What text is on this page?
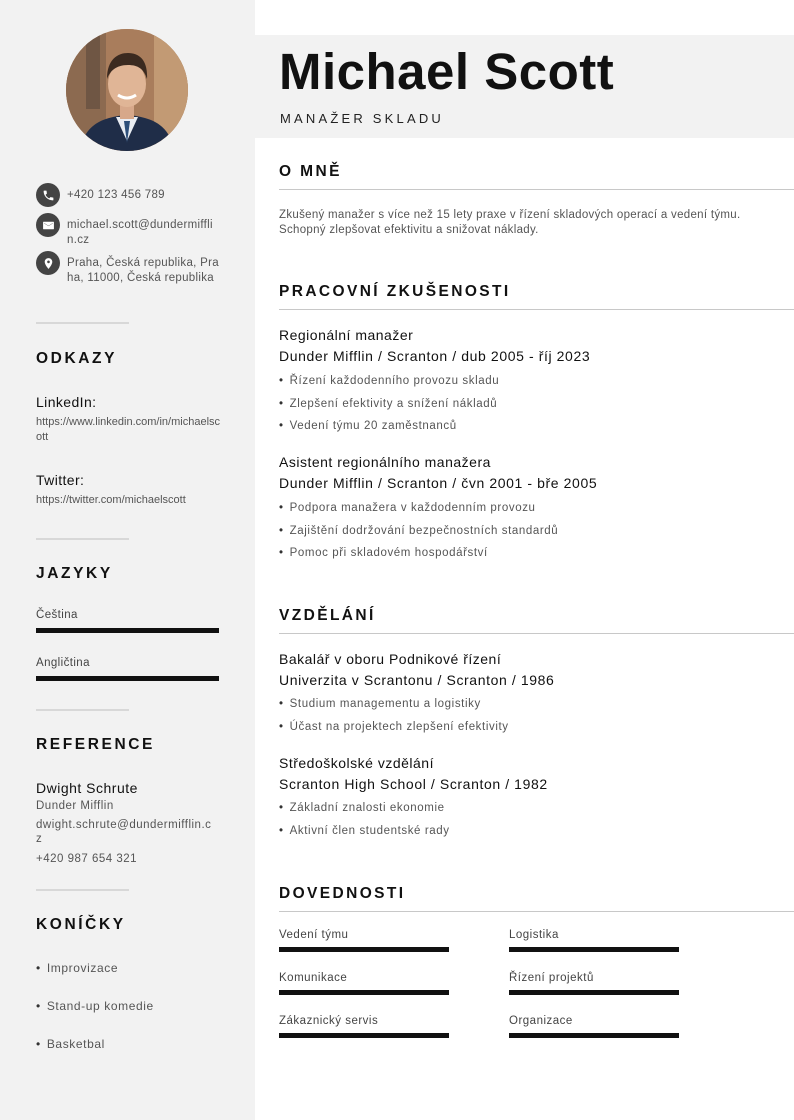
+420 123 456 789
michael.scott@dundermifflin.cz
Praha, Česká republika, Praha, 11000, Česká republika
ODKAZY
LinkedIn:
https://www.linkedin.com/in/michaelscott
Twitter:
https://twitter.com/michaelscott
JAZYKY
Čeština
Angličtina
REFERENCE
Dwight Schrute
Dunder Mifflin
dwight.schrute@dundermifflin.cz
+420 987 654 321
KONÍČKY
• Improvizace
• Stand-up komedie
• Basketbal
Michael Scott
MANAŽER SKLADU
O MNĚ
Zkušený manažer s více než 15 lety praxe v řízení skladových operací a vedení týmu. Schopný zlepšovat efektivitu a snižovat náklady.
PRACOVNÍ ZKUŠENOSTI
Regionální manažer
Dunder Mifflin / Scranton / dub 2005 - říj 2023
• Řízení každodenního provozu skladu
• Zlepšení efektivity a snížení nákladů
• Vedení týmu 20 zaměstnanců
Asistent regionálního manažera
Dunder Mifflin / Scranton / čvn 2001 - bře 2005
• Podpora manažera v každodenním provozu
• Zajištění dodržování bezpečnostních standardů
• Pomoc při skladovém hospodářství
VZDĚLÁNÍ
Bakalář v oboru Podnikové řízení
Univerzita v Scrantonu / Scranton / 1986
• Studium managementu a logistiky
• Účast na projektech zlepšení efektivity
Středoškolské vzdělání
Scranton High School / Scranton / 1982
• Základní znalosti ekonomie
• Aktivní člen studentské rady
DOVEDNOSTI
Vedení týmu	Logistika
Komunikace	Řízení projektů
Zákaznický servis	Organizace
